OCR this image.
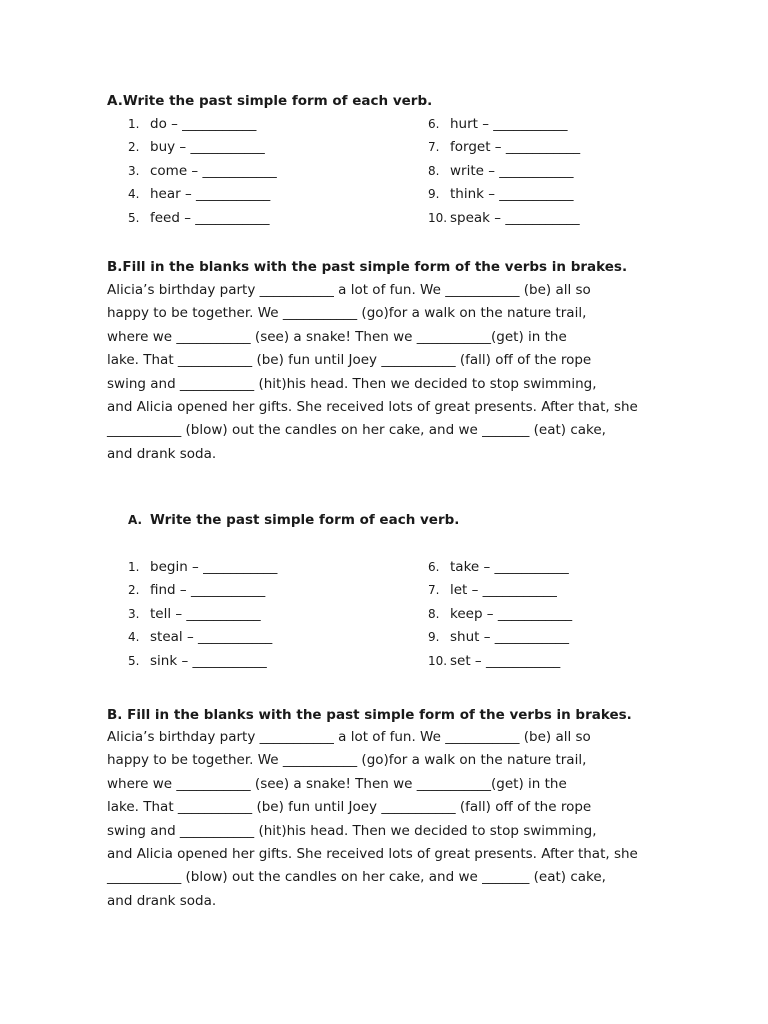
A.Write the past simple form of each verb.
1. do – ___________
2. buy – ___________
3. come – ___________
4. hear – ___________
5. feed – ___________
6. hurt – ___________
7. forget – ___________
8. write – ___________
9. think – ___________
10. speak – ___________
B.Fill in the blanks with the past simple form of the verbs in brakes.

Alicia’s birthday party ___________ a lot of fun. We ___________ (be) all so
happy to be together. We ___________ (go)for a walk on the nature trail,
where we ___________ (see) a snake! Then we ___________(get) in the
lake. That ___________ (be) fun until Joey ___________ (fall) off of the rope
swing and ___________ (hit)his head. Then we decided to stop swimming,
and Alicia opened her gifts. She received lots of great presents. After that, she
___________ (blow) out the candles on her cake, and we _______ (eat) cake,
and drank soda.

A. Write the past simple form of each verb.
1. begin – ___________
2. find – ___________
3. tell – ___________
4. steal – ___________
5. sink – ___________
6. take – ___________
7. let – ___________
8. keep – ___________
9. shut – ___________
10. set – ___________
B. Fill in the blanks with the past simple form of the verbs in brakes.

Alicia’s birthday party ___________ a lot of fun. We ___________ (be) all so
happy to be together. We ___________ (go)for a walk on the nature trail,
where we ___________ (see) a snake! Then we ___________(get) in the
lake. That ___________ (be) fun until Joey ___________ (fall) off of the rope
swing and ___________ (hit)his head. Then we decided to stop swimming,
and Alicia opened her gifts. She received lots of great presents. After that, she
___________ (blow) out the candles on her cake, and we _______ (eat) cake,
and drank soda.
